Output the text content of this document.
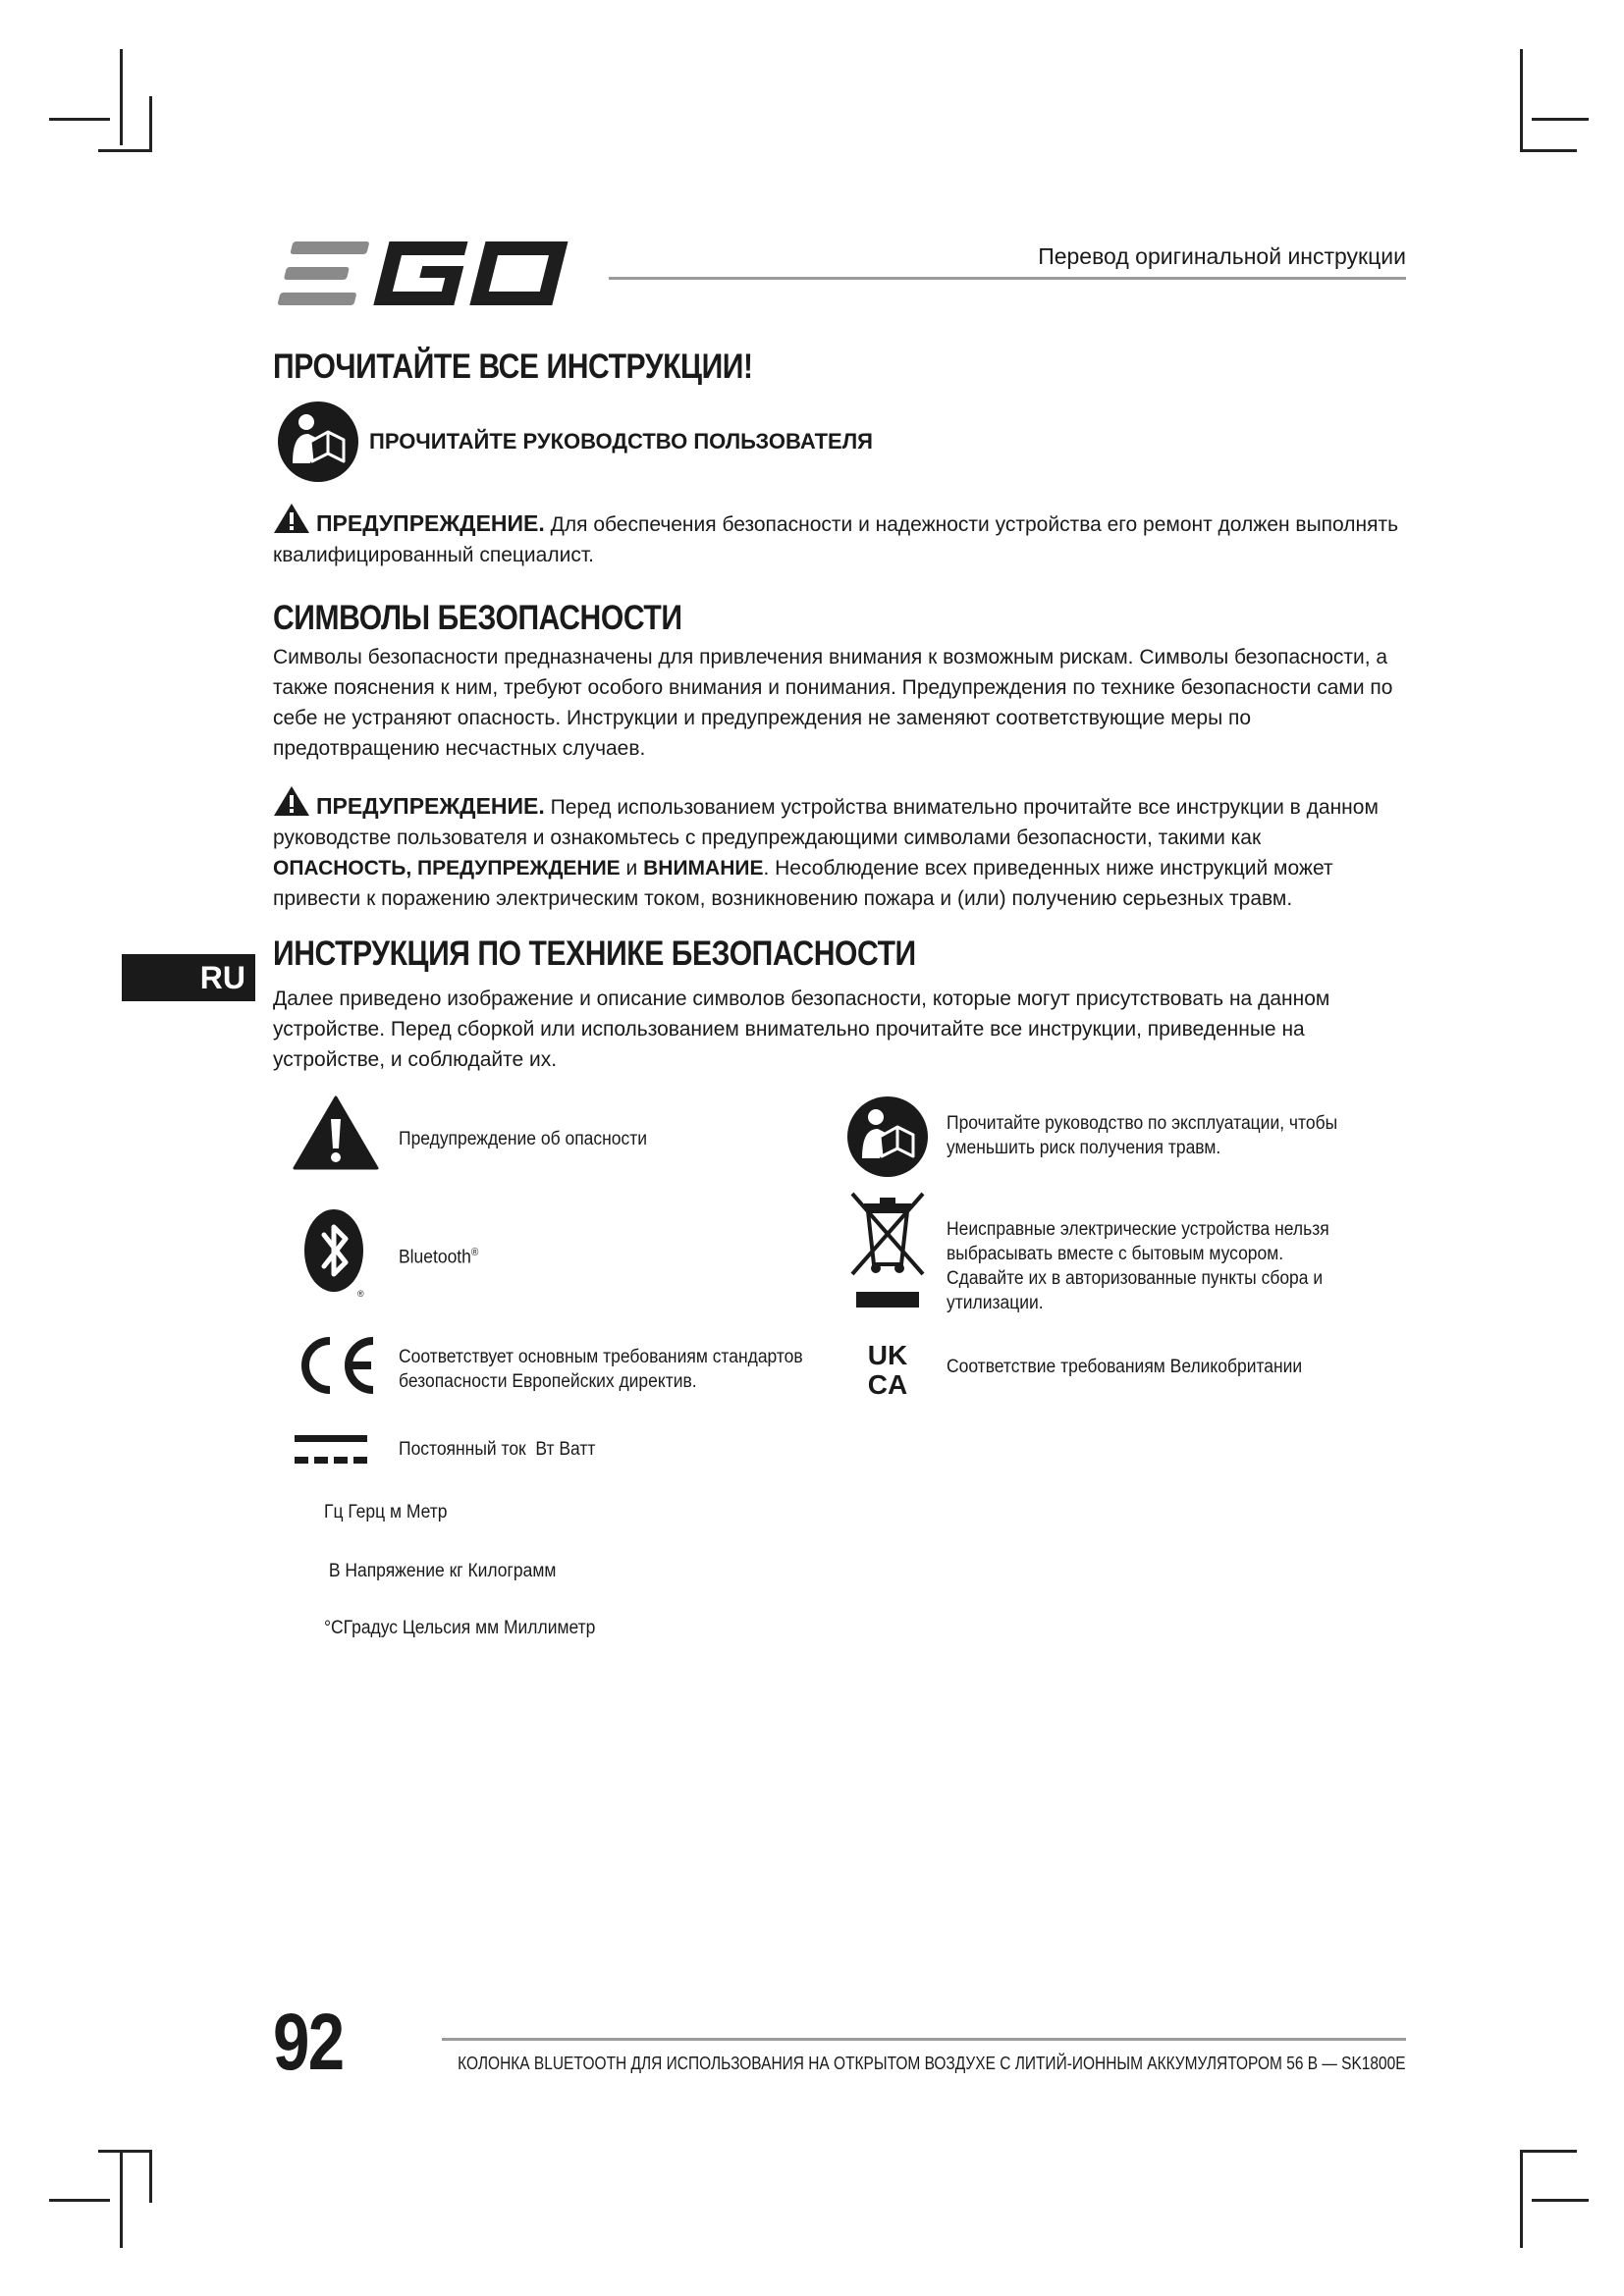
Перевод оригинальной инструкции
ПРОЧИТАЙТЕ ВСЕ ИНСТРУКЦИИ!
ПРОЧИТАЙТЕ РУКОВОДСТВО ПОЛЬЗОВАТЕЛЯ
ПРЕДУПРЕЖДЕНИЕ. Для обеспечения безопасности и надежности устройства его ремонт должен выполнять квалифицированный специалист.
СИМВОЛЫ БЕЗОПАСНОСТИ
Символы безопасности предназначены для привлечения внимания к возможным рискам. Символы безопасности, а также пояснения к ним, требуют особого внимания и понимания. Предупреждения по технике безопасности сами по себе не устраняют опасность. Инструкции и предупреждения не заменяют соответствующие меры по предотвращению несчастных случаев.
ПРЕДУПРЕЖДЕНИЕ. Перед использованием устройства внимательно прочитайте все инструкции в данном руководстве пользователя и ознакомьтесь с предупреждающими символами безопасности, такими как ОПАСНОСТЬ, ПРЕДУПРЕЖДЕНИЕ и ВНИМАНИЕ. Несоблюдение всех приведенных ниже инструкций может привести к поражению электрическим током, возникновению пожара и (или) получению серьезных травм.
RU
ИНСТРУКЦИЯ ПО ТЕХНИКЕ БЕЗОПАСНОСТИ
Далее приведено изображение и описание символов безопасности, которые могут присутствовать на данном устройстве. Перед сборкой или использованием внимательно прочитайте все инструкции, приведенные на устройстве, и соблюдайте их.
Предупреждение об опасности
®
Bluetooth®
Соответствует основным требованиям стандартов безопасности Европейских директив.
Постоянный ток  Вт Ватт
Гц Герц м Метр
В Напряжение кг Килограмм
°СГрадус Цельсия мм Миллиметр
Прочитайте руководство по эксплуатации, чтобы уменьшить риск получения травм.
Неисправные электрические устройства нельзя выбрасывать вместе с бытовым мусором. Сдавайте их в авторизованные пункты сбора и утилизации.
UK
CA
Соответствие требованиям Великобритании
92	КОЛОНКА BLUETOOTH ДЛЯ ИСПОЛЬЗОВАНИЯ НА ОТКРЫТОМ ВОЗДУХЕ С ЛИТИЙ-ИОННЫМ АККУМУЛЯТОРОМ 56 В — SK1800E
